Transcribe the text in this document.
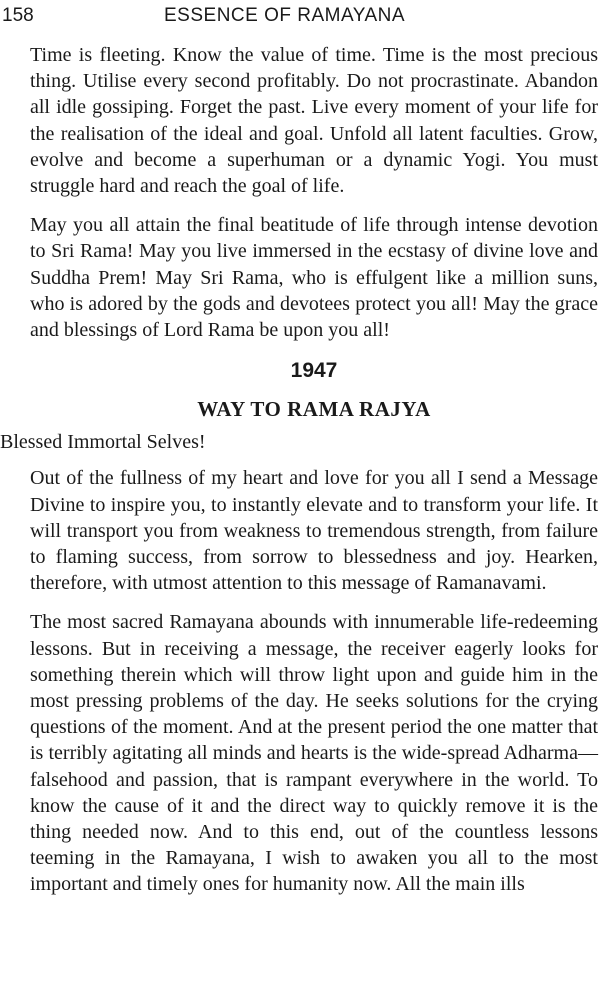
158	ESSENCE OF RAMAYANA

Time is fleeting. Know the value of time. Time is the most precious thing. Utilise every second profitably. Do not procrastinate. Abandon all idle gossiping. Forget the past. Live every moment of your life for the realisation of the ideal and goal. Unfold all latent faculties. Grow, evolve and become a superhuman or a dynamic Yogi. You must struggle hard and reach the goal of life.

May you all attain the final beatitude of life through intense devotion to Sri Rama! May you live immersed in the ecstasy of divine love and Suddha Prem! May Sri Rama, who is effulgent like a million suns, who is adored by the gods and devotees protect you all! May the grace and blessings of Lord Rama be upon you all!

1947
WAY TO RAMA RAJYA
Blessed Immortal Selves!

Out of the fullness of my heart and love for you all I send a Message Divine to inspire you, to instantly elevate and to transform your life. It will transport you from weakness to tremendous strength, from failure to flaming success, from sorrow to blessedness and joy. Hearken, therefore, with utmost attention to this message of Ramanavami.

The most sacred Ramayana abounds with innumerable life-redeeming lessons. But in receiving a message, the receiver eagerly looks for something therein which will throw light upon and guide him in the most pressing problems of the day. He seeks solutions for the crying questions of the moment. And at the present period the one matter that is terribly agitating all minds and hearts is the wide-spread Adharma—falsehood and passion, that is rampant everywhere in the world. To know the cause of it and the direct way to quickly remove it is the thing needed now. And to this end, out of the countless lessons teeming in the Ramayana, I wish to awaken you all to the most important and timely ones for humanity now. All the main ills
